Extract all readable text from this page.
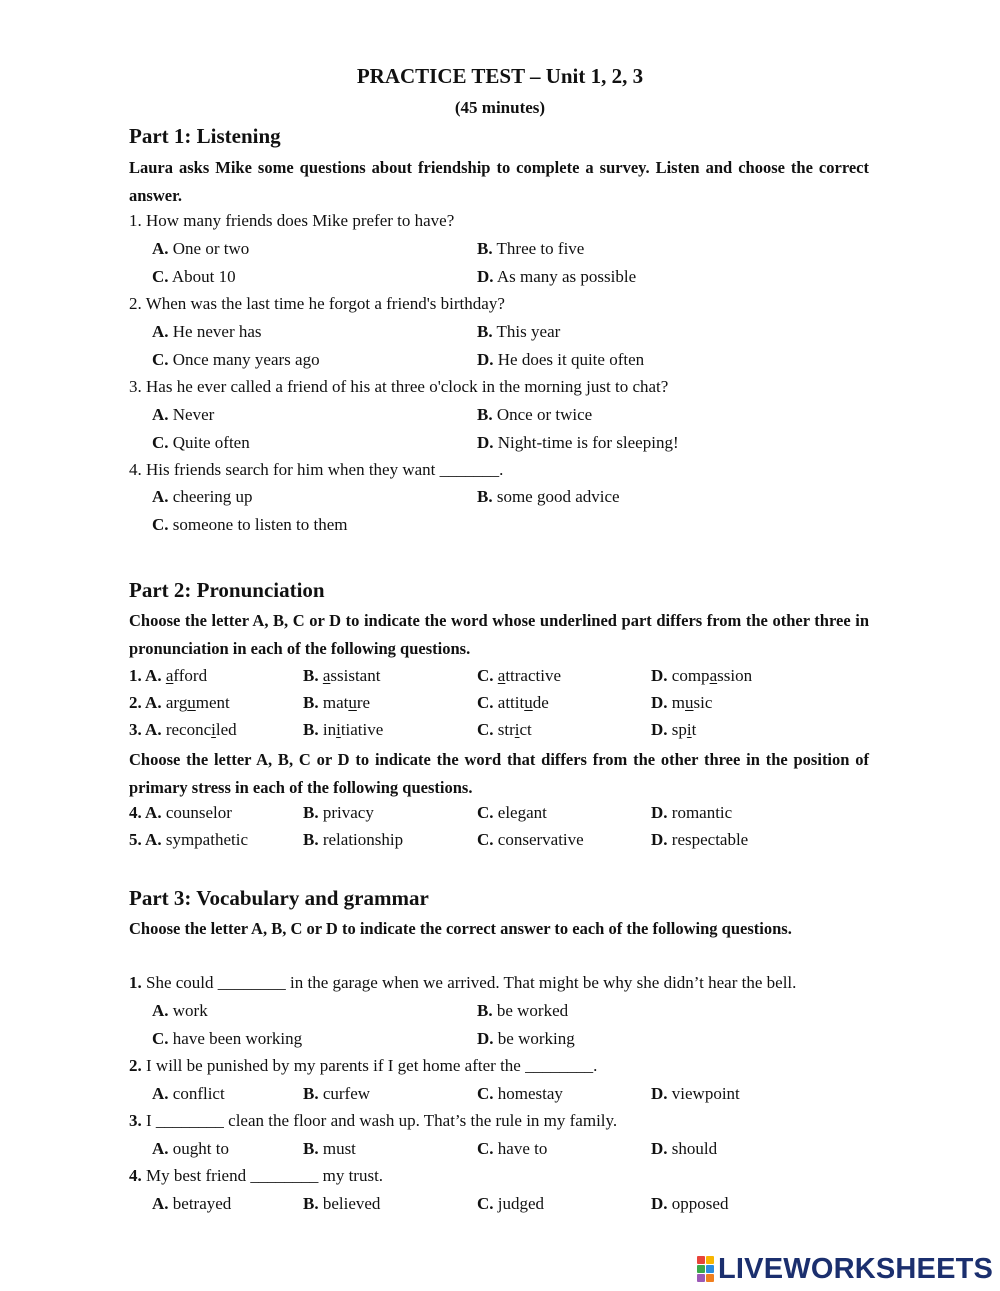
PRACTICE TEST – Unit 1, 2, 3
(45 minutes)
Part 1: Listening
Laura asks Mike some questions about friendship to complete a survey. Listen and choose the correct answer.
1. How many friends does Mike prefer to have?
A. One or two	B. Three to five
C. About 10	D. As many as possible
2. When was the last time he forgot a friend's birthday?
A. He never has	B. This year
C. Once many years ago	D. He does it quite often
3. Has he ever called a friend of his at three o'clock in the morning just to chat?
A. Never	B. Once or twice
C. Quite often	D. Night-time is for sleeping!
4. His friends search for him when they want _______.
A. cheering up	B. some good advice
C. someone to listen to them
Part 2: Pronunciation
Choose the letter A, B, C or D to indicate the word whose underlined part differs from the other three in pronunciation in each of the following questions.
1. A. afford	B. assistant	C. attractive	D. compassion
2. A. argument	B. mature	C. attitude	D. music
3. A. reconciled	B. initiative	C. strict	D. spit
Choose the letter A, B, C or D to indicate the word that differs from the other three in the position of primary stress in each of the following questions.
4. A. counselor	B. privacy	C. elegant	D. romantic
5. A. sympathetic	B. relationship	C. conservative	D. respectable
Part 3: Vocabulary and grammar
Choose the letter A, B, C or D to indicate the correct answer to each of the following questions.
1. She could ________ in the garage when we arrived. That might be why she didn’t hear the bell.
A. work	B. be worked
C. have been working	D. be working
2. I will be punished by my parents if I get home after the ________.
A. conflict	B. curfew	C. homestay	D. viewpoint
3. I ________ clean the floor and wash up. That’s the rule in my family.
A. ought to	B. must	C. have to	D. should
4. My best friend ________ my trust.
A. betrayed	B. believed	C. judged	D. opposed
LIVEWORKSHEETS
